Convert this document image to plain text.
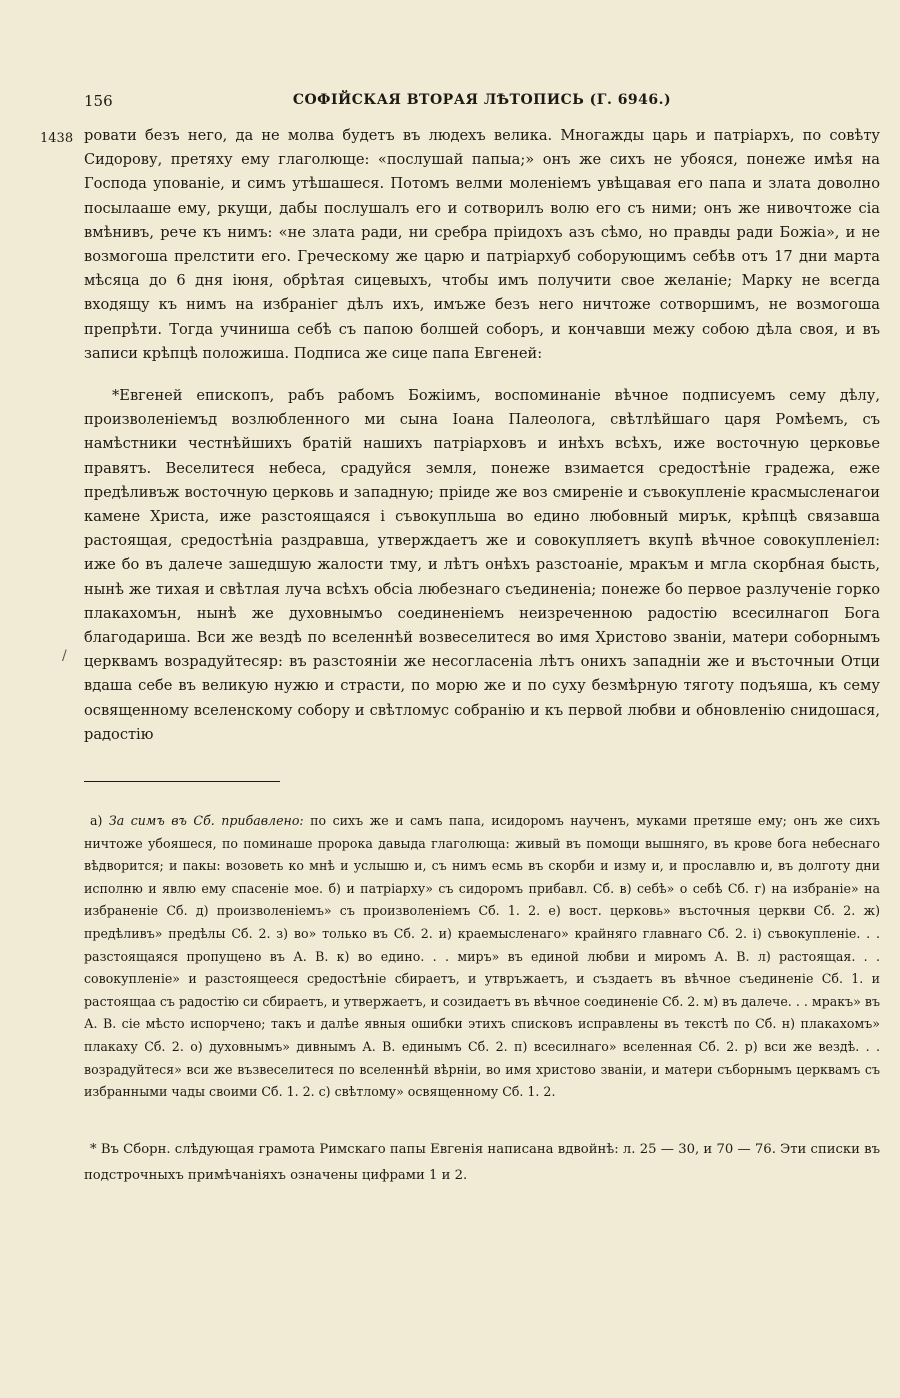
156	СОФІЙСКАЯ ВТОРАЯ ЛѢТОПИСЬ (Г. 6946.)
1438 ровати безъ него, да не молва будетъ въ людехъ велика. Многажды царь и патріархъ, по совѣту Сидорову, претяху ему глаголюще: «послушай папыа;» онъ же сихъ не убояся, понеже имѣя на Господа упованіе, и симъ утѣшашеся. Потомъ велми моленіемъ увѣщавая его папа и злата доволно посылааше ему, ркущи, дабы послушалъ его и сотворилъ волю его съ ними; онъ же нивочтоже сіа вмѣнивъ, рече къ нимъ: «не злата ради, ни сребра пріидохъ азъ сѣмо, но правды ради Божіа», и не возмогоша прелстити его. Греческому же царю и патріархуб соборующимъ себѣв отъ 17 дни марта мѣсяца до 6 дня іюня, обрѣтая сицевыхъ, чтобы имъ получити свое желаніе; Марку не всегда входящу къ нимъ на избраніег дѣлъ ихъ, имъже безъ него ничтоже сотворшимъ, не возмогоша препрѣти. Тогда учиниша себѣ съ папою болшей соборъ, и кончавши межу собою дѣла своя, и въ записи крѣпцѣ положиша. Подписа же сице папа Евгеней:

*Евгеней епископъ, рабъ рабомъ Божіимъ, воспоминаніе вѣчное подписуемъ сему дѣлу, произволеніемъд возлюбленного ми сына Іоана Палеолога, свѣтлѣйшаго царя Ромѣемъ, съ намѣстники честнѣйшихъ братій нашихъ патріарховъ и инѣхъ всѣхъ, иже восточную церковье правятъ. Веселитеся небеса, срадуйся земля, понеже взимается средостѣніе градежа, еже предѣливъж восточную церковь и западную; пріиде же воз смиреніе и съвокупленіе красмысленагои камене Христа, иже разстоящаяся і съвокупльша во едино любовный мирък, крѣпцѣ связавша растоящая, средостѣніа раздравша, утверждаетъ же и совокупляетъ вкупѣ вѣчное совокупленіел: иже бо въ далече зашедшую жалости тму, и лѣтъ онѣхъ разстоаніе, мракъм и мгла скорбная бысть, нынѣ же тихая и свѣтлая луча всѣхъ обсіа любезнаго съединеніа; понеже бо первое разлученіе горко плакахомън, нынѣ же духовнымъо соединеніемъ неизреченною радостію всесилнагоп Бога благодариша. Вси же вездѣ по вселеннѣй возвеселитеся во имя Христово званіи, матери соборнымъ церквамъ возрадуйтесяр: въ разстояніи же несогласеніа лѣтъ онихъ западніи же и въсточныи Отци вдаша себе въ великую нужю и страсти, по морю же и по суху безмѣрную тяготу подъяша, къ сему освященному вселенскому собору и свѣтломус собранію и къ первой любви и обновленію снидошася, радостію

/

а) За симъ въ Сб. прибавлено: по сихъ же и самъ папа, исидоромъ наученъ, муками претяше ему; онъ же сихъ ничтоже убояшеся, по поминаше пророка давыда глаголюща: живый въ помощи вышняго, въ крове бога небеснаго вѣдворится; и пакы: возоветь ко мнѣ и услышю и, съ нимъ есмь въ скорби и изму и, и прославлю и, въ долготу дни исполню и явлю ему спасеніе мое. б) и патріарху» съ сидоромъ прибавл. Сб. в) себѣ» о себѣ Сб. г) на избраніе» на избраненіе Сб. д) произволеніемъ» съ произволеніемъ Сб. 1. 2. е) вост. церковь» въсточныя церкви Сб. 2. ж) предѣливъ» предѣлы Сб. 2. з) во» только въ Сб. 2. и) краемысленаго» крайняго главнаго Сб. 2. і) съвокупленіе. . . разстоящаяся пропущено въ А. В. к) во едино. . . миръ» въ единой любви и миромъ А. В. л) растоящая. . . совокупленіе» и разстоящееся средостѣніе сбираетъ, и утвръжаетъ, и създаетъ въ вѣчное съединеніе Сб. 1. и растоящаа съ радостію си сбираетъ, и утвержаетъ, и созидаетъ въ вѣчное соединеніе Сб. 2. м) въ далече. . . мракъ» въ А. В. сіе мѣсто испорчено; такъ и далѣе явныя ошибки этихъ списковъ исправлены въ текстѣ по Сб. н) плакахомъ» плакаху Сб. 2. о) духовнымъ» дивнымъ А. В. единымъ Сб. 2. п) всесилнаго» вселенная Сб. 2. р) вси же вездѣ. . . возрадуйтеся» вси же възвеселитеся по вселеннѣй вѣрніи, во имя христово званіи, и матери съборнымъ церквамъ съ избранными чады своими Сб. 1. 2. с) свѣтлому» освященному Сб. 1. 2.

* Въ Сборн. слѣдующая грамота Римскаго папы Евгенія написана вдвойнѣ: л. 25 — 30, и 70 — 76. Эти списки въ подстрочныхъ примѣчаніяхъ означены цифрами 1 и 2.
